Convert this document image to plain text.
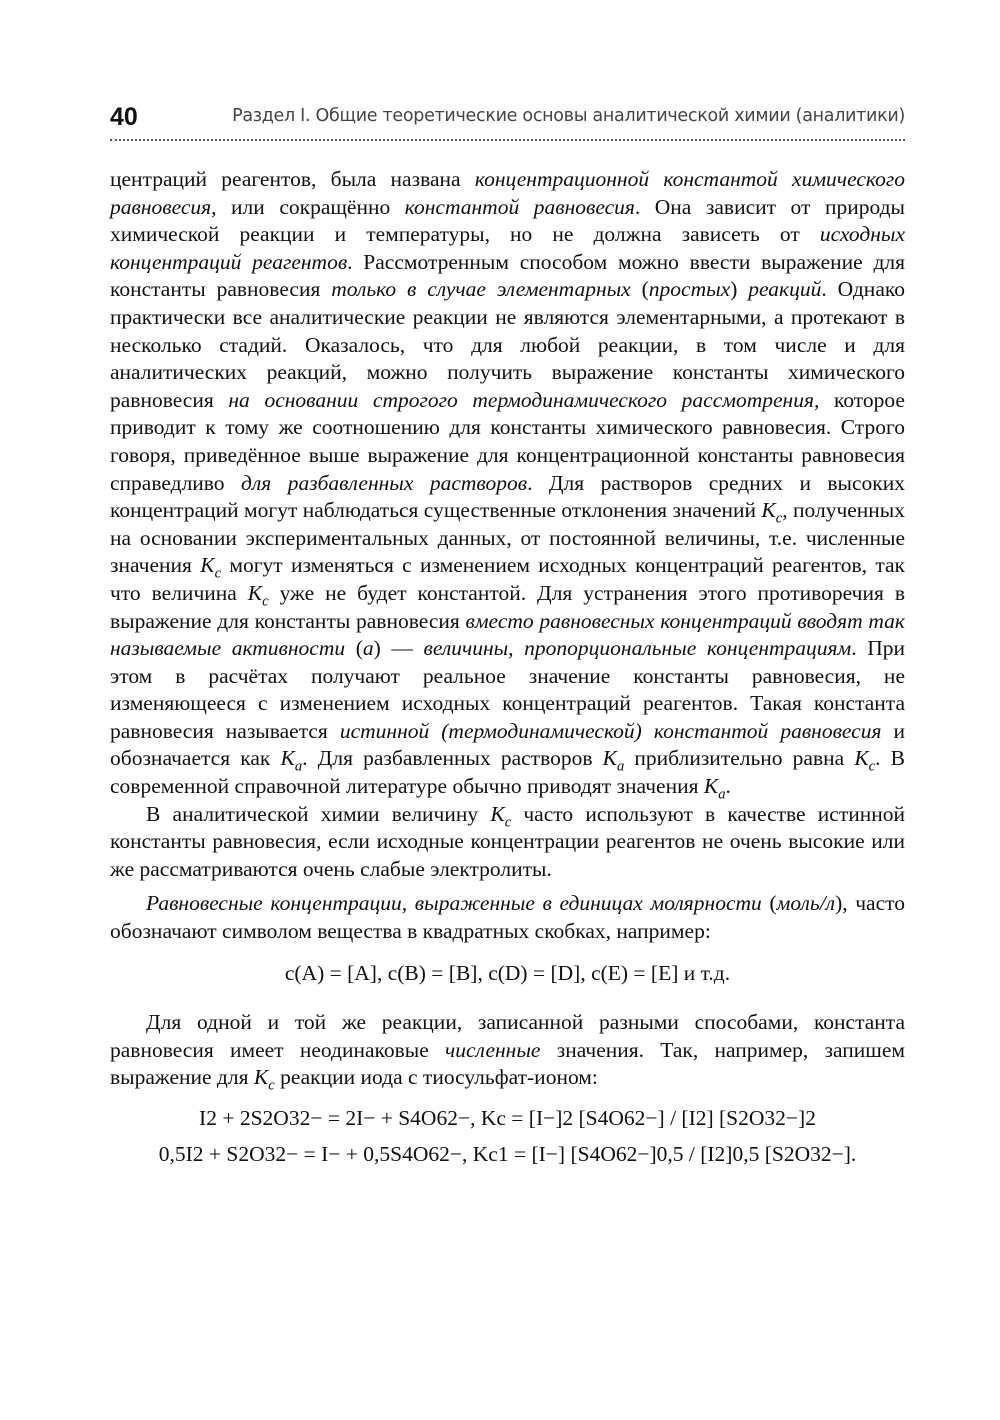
40	Раздел I. Общие теоретические основы аналитической химии (аналитики)

центраций реагентов, была названа концентрационной константой химического равновесия, или сокращённо константой равновесия. Она зависит от природы химической реакции и температуры, но не должна зависеть от исходных концентраций реагентов. Рассмотренным способом можно ввести выражение для константы равновесия только в случае элементарных (простых) реакций. Однако практически все аналитические реакции не являются элементарными, а протекают в несколько стадий. Оказалось, что для любой реакции, в том числе и для аналитических реакций, можно получить выражение константы химического равновесия на основании строгого термодинамического рассмотрения, которое приводит к тому же соотношению для константы химического равновесия. Строго говоря, приведённое выше выражение для концентрационной константы равновесия справедливо для разбавленных растворов. Для растворов средних и высоких концентраций могут наблюдаться существенные отклонения значений $K_c$, полученных на основании экспериментальных данных, от постоянной величины, т.е. численные значения $K_c$ могут изменяться с изменением исходных концентраций реагентов, так что величина $K_c$ уже не будет константой. Для устранения этого противоречия в выражение для константы равновесия вместо равновесных концентраций вводят так называемые активности (a) — величины, пропорциональные концентрациям. При этом в расчётах получают реальное значение константы равновесия, не изменяющееся с изменением исходных концентраций реагентов. Такая константа равновесия называется истинной (термодинамической) константой равновесия и обозначается как $K_a$. Для разбавленных растворов $K_a$ приблизительно равна $K_c$. В современной справочной литературе обычно приводят значения $K_a$.

В аналитической химии величину $K_c$ часто используют в качестве истинной константы равновесия, если исходные концентрации реагентов не очень высокие или же рассматриваются очень слабые электролиты.

Равновесные концентрации, выраженные в единицах молярности (моль/л), часто обозначают символом вещества в квадратных скобках, например:

c(A) = [A], c(B) = [B], c(D) = [D], c(E) = [E] и т.д.

Для одной и той же реакции, записанной разными способами, константа равновесия имеет неодинаковые численные значения. Так, например, запишем выражение для $K_c$ реакции иода с тиосульфат-ионом:

I2 + 2S2O32− = 2I− + S4O62−, Kc = [I−]2 [S4O62−] / [I2] [S2O32−]2

0,5I2 + S2O32− = I− + 0,5S4O62−, Kc1 = [I−] [S4O62−]0,5 / [I2]0,5 [S2O32−].
